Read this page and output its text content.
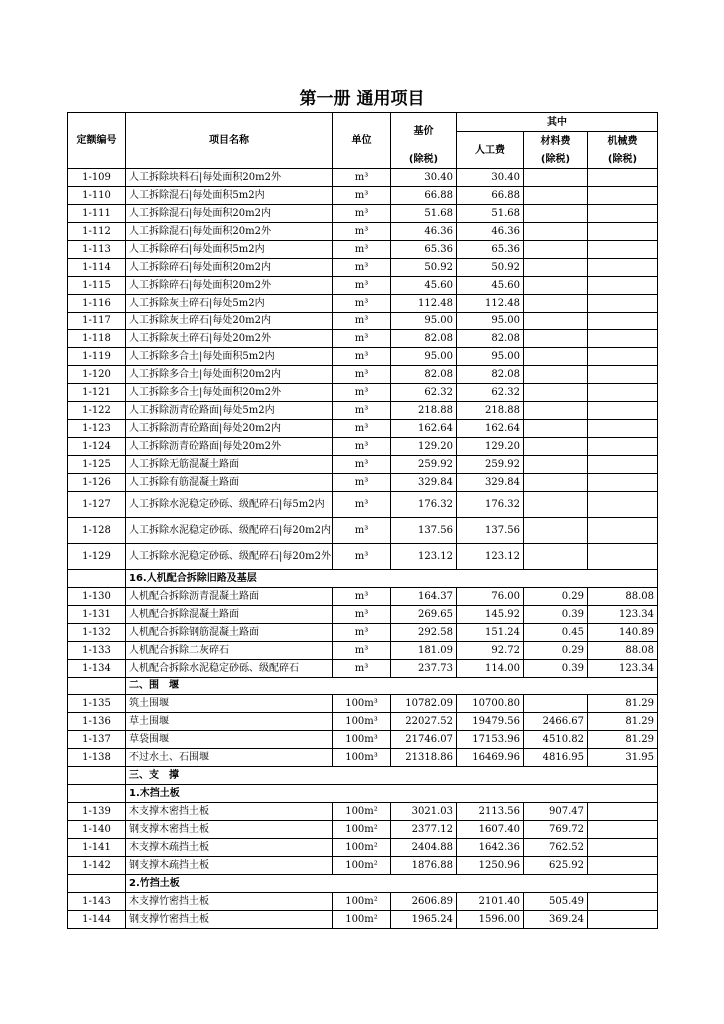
第一册 通用项目
定额编号	项目名称	单位	基价	其中		
				人工费	材料费	机械费
			(除税)		(除税)	(除税)
1-109	人工拆除块料石|每处面积20m2外	m³	30.40	30.40		
1-110	人工拆除混石|每处面积5m2内	m³	66.88	66.88		
1-111	人工拆除混石|每处面积20m2内	m³	51.68	51.68		
1-112	人工拆除混石|每处面积20m2外	m³	46.36	46.36		
1-113	人工拆除碎石|每处面积5m2内	m³	65.36	65.36		
1-114	人工拆除碎石|每处面积20m2内	m³	50.92	50.92		
1-115	人工拆除碎石|每处面积20m2外	m³	45.60	45.60		
1-116	人工拆除灰土碎石|每处5m2内	m³	112.48	112.48		
1-117	人工拆除灰土碎石|每处20m2内	m³	95.00	95.00		
1-118	人工拆除灰土碎石|每处20m2外	m³	82.08	82.08		
1-119	人工拆除多合土|每处面积5m2内	m³	95.00	95.00		
1-120	人工拆除多合土|每处面积20m2内	m³	82.08	82.08		
1-121	人工拆除多合土|每处面积20m2外	m³	62.32	62.32		
1-122	人工拆除沥青砼路面|每处5m2内	m³	218.88	218.88		
1-123	人工拆除沥青砼路面|每处20m2内	m³	162.64	162.64		
1-124	人工拆除沥青砼路面|每处20m2外	m³	129.20	129.20		
1-125	人工拆除无筋混凝土路面	m³	259.92	259.92		
1-126	人工拆除有筋混凝土路面	m³	329.84	329.84		
1-127	人工拆除水泥稳定砂砾、级配碎石|每5m2内	m³	176.32	176.32		
1-128	人工拆除水泥稳定砂砾、级配碎石|每20m2内	m³	137.56	137.56		
1-129	人工拆除水泥稳定砂砾、级配碎石|每20m2外	m³	123.12	123.12		
	16.人机配合拆除旧路及基层					
1-130	人机配合拆除沥青混凝土路面	m³	164.37	76.00	0.29	88.08
1-131	人机配合拆除混凝土路面	m³	269.65	145.92	0.39	123.34
1-132	人机配合拆除钢筋混凝土路面	m³	292.58	151.24	0.45	140.89
1-133	人机配合拆除二灰碎石	m³	181.09	92.72	0.29	88.08
1-134	人机配合拆除水泥稳定砂砾、级配碎石	m³	237.73	114.00	0.39	123.34
	二、围　堰					
1-135	筑土围堰	100m³	10782.09	10700.80		81.29
1-136	草土围堰	100m³	22027.52	19479.56	2466.67	81.29
1-137	草袋围堰	100m³	21746.07	17153.96	4510.82	81.29
1-138	不过水土、石围堰	100m³	21318.86	16469.96	4816.95	31.95
	三、支　撑					
	1.木挡土板					
1-139	木支撑木密挡土板	100m²	3021.03	2113.56	907.47	
1-140	钢支撑木密挡土板	100m²	2377.12	1607.40	769.72	
1-141	木支撑木疏挡土板	100m²	2404.88	1642.36	762.52	
1-142	钢支撑木疏挡土板	100m²	1876.88	1250.96	625.92	
	2.竹挡土板					
1-143	木支撑竹密挡土板	100m²	2606.89	2101.40	505.49	
1-144	钢支撑竹密挡土板	100m²	1965.24	1596.00	369.24	
